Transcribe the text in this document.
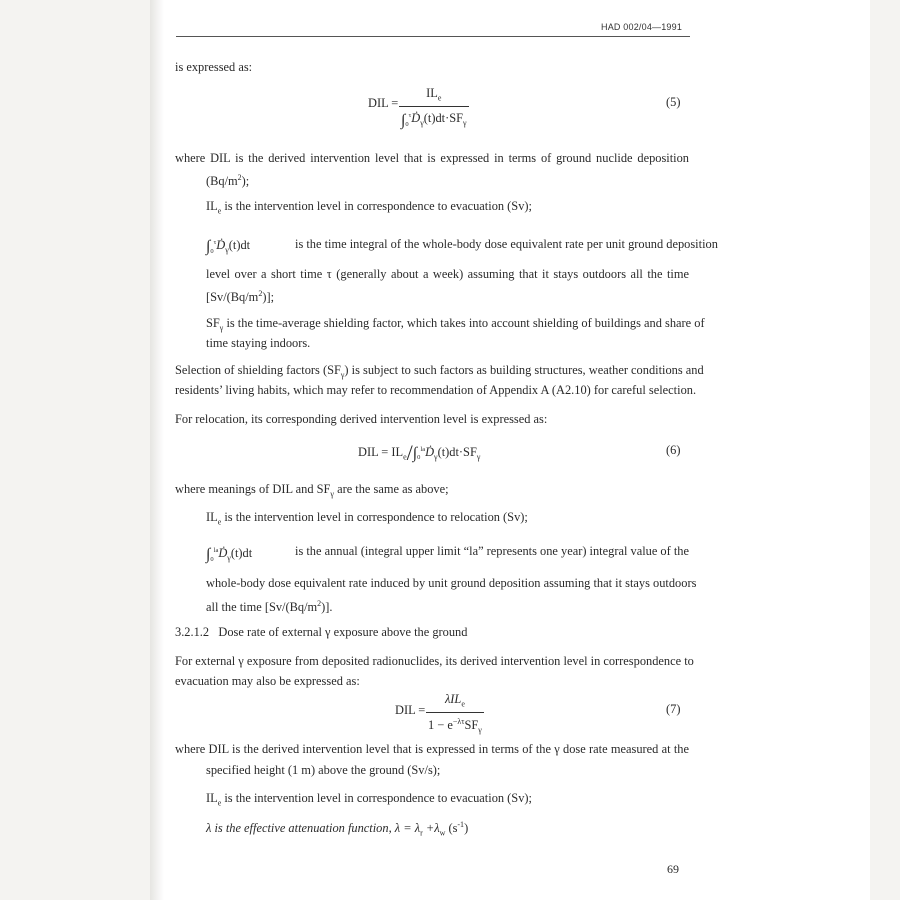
HAD 002/04—1991
is expressed as:
DIL =
$IL_e$
$\int_0^\tau Ḋ_\gamma(t)dt\cdot SF_\gamma$
(5)
where DIL is the derived intervention level that is expressed in terms of ground nuclide deposition
$(Bq/m^2)$;
$IL_e$ is the intervention level in correspondence to evacuation (Sv);
$\int_0^\tau Ḋ_\gamma(t)dt$	is the time integral of the whole-body dose equivalent rate per unit ground deposition
level over a short time τ (generally about a week) assuming that it stays outdoors all the time
$[Sv/(Bq/m^2)]$;
$SF_\gamma$ is the time-average shielding factor, which takes into account shielding of buildings and share of
time staying indoors.
Selection of shielding factors $(SF_\gamma)$ is subject to such factors as building structures, weather conditions and
residents’ living habits, which may refer to recommendation of Appendix A (A2.10) for careful selection.
For relocation, its corresponding derived intervention level is expressed as:
DIL = $IL_e/\int_0^{la}Ḋ_\gamma(t)dt\cdot SF_\gamma$	(6)
where meanings of DIL and $SF_\gamma$ are the same as above;
$IL_e$ is the intervention level in correspondence to relocation (Sv);
$\int_0^{la}Ḋ_\gamma(t)dt$	is the annual (integral upper limit “la” represents one year) integral value of the
whole-body dose equivalent rate induced by unit ground deposition assuming that it stays outdoors
all the time $[Sv/(Bq/m^2)]$.
3.2.1.2 Dose rate of external γ exposure above the ground
For external γ exposure from deposited radionuclides, its derived intervention level in correspondence to
evacuation may also be expressed as:
DIL =
λIL$_e$
$1 - e^{-\lambda\tau}SF_\gamma$
(7)
where DIL is the derived intervention level that is expressed in terms of the γ dose rate measured at the
specified height (1 m) above the ground (Sv/s);
$IL_e$ is the intervention level in correspondence to evacuation (Sv);
λ is the effective attenuation function, $\lambda = \lambda_r +\lambda_w$ $(s^{-1})$
69
